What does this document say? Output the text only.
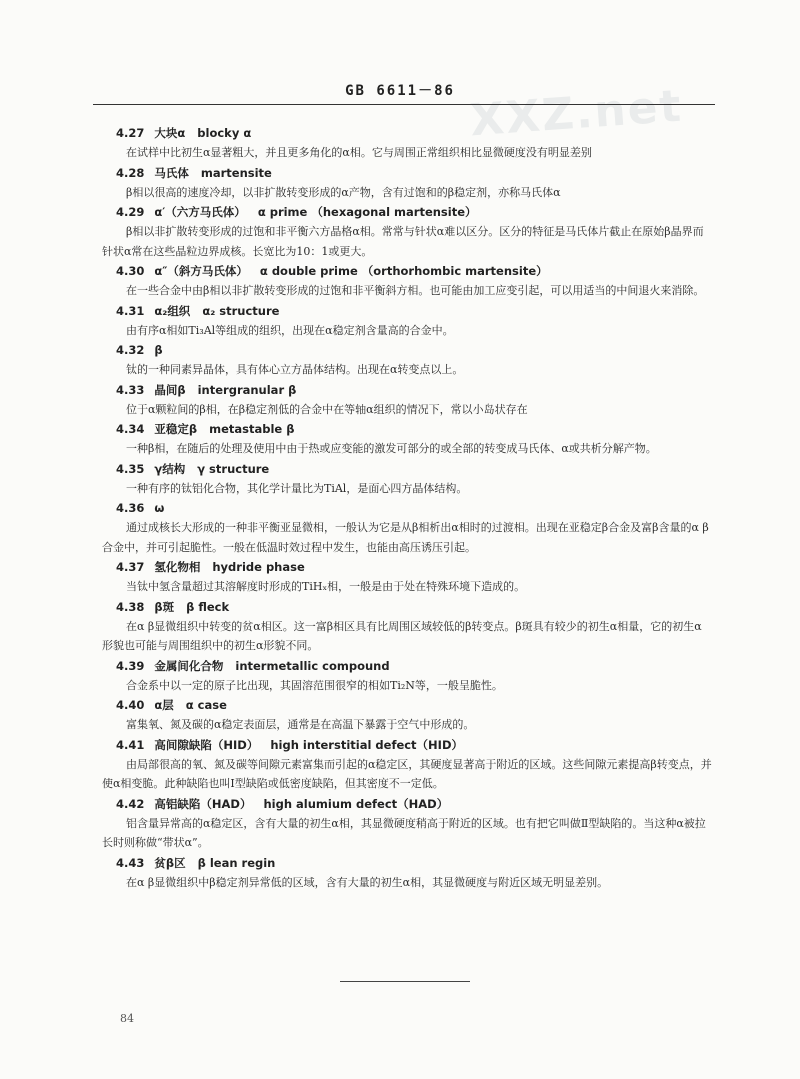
XXZ.net
GB 6611－86
4.27 大块α blocky α
在试样中比初生α显著粗大，并且更多角化的α相。它与周围正常组织相比显微硬度没有明显差别
4.28 马氏体 martensite
β相以很高的速度冷却，以非扩散转变形成的α产物，含有过饱和的β稳定剂，亦称马氏体α
4.29 α′（六方马氏体） α prime （hexagonal martensite）
β相以非扩散转变形成的过饱和非平衡六方晶格α相。常常与针状α难以区分。区分的特征是马氏体片截止在原始β晶界而针状α常在这些晶粒边界成核。长宽比为10：1或更大。
4.30 α″（斜方马氏体） α double prime （orthorhombic martensite）
在一些合金中由β相以非扩散转变形成的过饱和非平衡斜方相。也可能由加工应变引起，可以用适当的中间退火来消除。
4.31 α₂组织 α₂ structure
由有序α相如Ti₃Al等组成的组织，出现在α稳定剂含量高的合金中。
4.32 β
钛的一种同素异晶体，具有体心立方晶体结构。出现在α转变点以上。
4.33 晶间β intergranular β
位于α颗粒间的β相，在β稳定剂低的合金中在等轴α组织的情况下，常以小岛状存在
4.34 亚稳定β metastable β
一种β相，在随后的处理及使用中由于热或应变能的激发可部分的或全部的转变成马氏体、α或共析分解产物。
4.35 γ结构 γ structure
一种有序的钛铝化合物，其化学计量比为TiAl，是面心四方晶体结构。
4.36 ω
通过成核长大形成的一种非平衡亚显微相，一般认为它是从β相析出α相时的过渡相。出现在亚稳定β合金及富β含量的α β合金中，并可引起脆性。一般在低温时效过程中发生，也能由高压诱压引起。
4.37 氢化物相 hydride phase
当钛中氢含量超过其溶解度时形成的TiHₓ相，一般是由于处在特殊环境下造成的。
4.38 β斑 β fleck
在α β显微组织中转变的贫α相区。这一富β相区具有比周围区域较低的β转变点。β斑具有较少的初生α相量，它的初生α形貌也可能与周围组织中的初生α形貌不同。
4.39 金属间化合物 intermetallic compound
合金系中以一定的原子比出现，其固溶范围很窄的相如Ti₂N等，一般呈脆性。
4.40 α层 α case
富集氧、氮及碳的α稳定表面层，通常是在高温下暴露于空气中形成的。
4.41 高间隙缺陷（HID） high interstitial defect（HID）
由局部很高的氧、氮及碳等间隙元素富集而引起的α稳定区，其硬度显著高于附近的区域。这些间隙元素提高β转变点，并使α相变脆。此种缺陷也叫Ⅰ型缺陷或低密度缺陷，但其密度不一定低。
4.42 高铝缺陷（HAD） high alumium defect（HAD）
铝含量异常高的α稳定区，含有大量的初生α相，其显微硬度稍高于附近的区域。也有把它叫做Ⅱ型缺陷的。当这种α被拉长时则称做“带状α”。
4.43 贫β区 β lean regin
在α β显微组织中β稳定剂异常低的区域，含有大量的初生α相，其显微硬度与附近区域无明显差别。
84
